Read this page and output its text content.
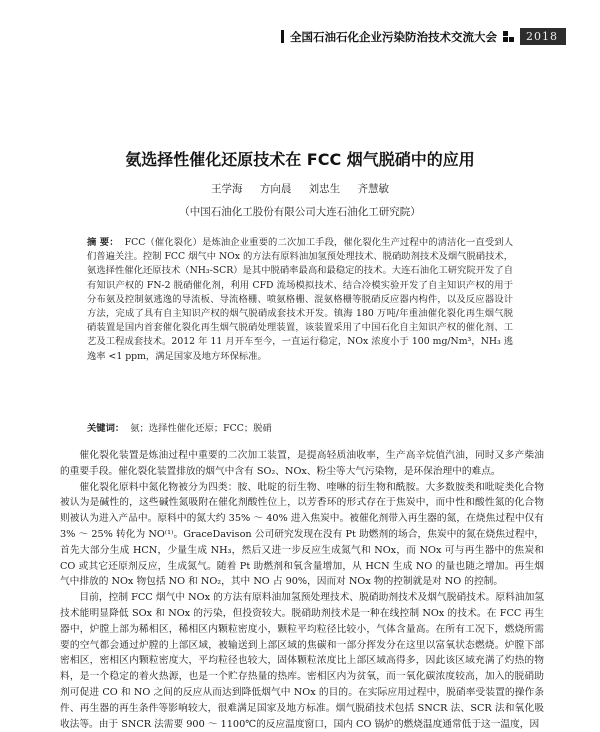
全国石油石化企业污染防治技术交流大会	2018
氨选择性催化还原技术在 FCC 烟气脱硝中的应用
王学海 方向晨 刘忠生 齐慧敏
（中国石油化工股份有限公司大连石油化工研究院）
摘 要： FCC（催化裂化）是炼油企业重要的二次加工手段，催化裂化生产过程中的清洁化一直受到人们普遍关注。控制 FCC 烟气中 NOx 的方法有原料油加氢预处理技术、脱硝助剂技术及烟气脱硝技术，氨选择性催化还原技术（NH₃-SCR）是其中脱硝率最高和最稳定的技术。大连石油化工研究院开发了自有知识产权的 FN-2 脱硝催化剂，利用 CFD 流场模拟技术、结合冷模实验开发了自主知识产权的用于分布氨及控制氨逃逸的导流板、导流格栅、喷氨格栅、混氨格栅等脱硝反应器内构件，以及反应器设计方法，完成了具有自主知识产权的烟气脱硝成套技术开发。镇海 180 万吨/年重油催化裂化再生烟气脱硝装置是国内首套催化裂化再生烟气脱硝处理装置，该装置采用了中国石化自主知识产权的催化剂、工艺及工程成套技术。2012 年 11 月开车至今，一直运行稳定，NOx 浓度小于 100 mg/Nm³，NH₃ 逃逸率 <1 ppm，满足国家及地方环保标准。
关键词： 氨；选择性催化还原；FCC；脱硝

催化裂化装置是炼油过程中重要的二次加工装置，是提高轻质油收率，生产高辛烷值汽油，同时又多产柴油的重要手段。催化裂化装置排放的烟气中含有 SO₂、NOx、粉尘等大气污染物，是环保治理中的难点。

催化裂化原料中氮化物被分为四类：胺、吡啶的衍生物、喹啉的衍生物和酰胺。大多数胺类和吡啶类化合物被认为是碱性的，这些碱性氮吸附在催化剂酸性位上，以芳香环的形式存在于焦炭中，而中性和酸性氮的化合物则被认为进入产品中。原料中的氮大约 35% ～ 40% 进入焦炭中。被催化剂带入再生器的氮，在烧焦过程中仅有 3% ～ 25% 转化为 NO⁽¹⁾。GraceDavison 公司研究发现在没有 Pt 助燃剂的场合，焦炭中的氮在烧焦过程中，首先大部分生成 HCN，少量生成 NH₃，然后又进一步反应生成氮气和 NOx，而 NOx 可与再生器中的焦炭和 CO 或其它还原剂反应，生成氮气。随着 Pt 助燃剂和氧含量增加，从 HCN 生成 NO 的量也随之增加。再生烟气中排放的 NOx 物包括 NO 和 NO₂，其中 NO 占 90%，因而对 NOx 物的控制就是对 NO 的控制。

目前，控制 FCC 烟气中 NOx 的方法有原料油加氢预处理技术、脱硝助剂技术及烟气脱硝技术。原料油加氢技术能明显降低 SOx 和 NOx 的污染，但投资较大。脱硝助剂技术是一种在线控制 NOx 的技术。在 FCC 再生器中，炉膛上部为稀相区，稀相区内颗粒密度小，颗粒平均粒径比较小，气体含量高。在所有工况下，燃烧所需要的空气都会通过炉膛的上部区域，被输送到上部区域的焦碳和一部分挥发分在这里以富氧状态燃烧。炉膛下部密相区，密相区内颗粒密度大，平均粒径也较大，固体颗粒浓度比上部区域高得多，因此该区域充满了灼热的物料，是一个稳定的着火热源，也是一个贮存热量的热库。密相区内为贫氧，而一氧化碳浓度较高，加入的脱硝助剂可促进 CO 和 NO 之间的反应从而达到降低烟气中 NOx 的目的。在实际应用过程中，脱硝率受装置的操作条件、再生器的再生条件等影响较大，很难满足国家及地方标准。烟气脱硝技术包括 SNCR 法、SCR 法和氧化吸收法等。由于 SNCR 法需要 900 ～ 1100℃的反应温度窗口，国内 CO 锅炉的燃烧温度通常低于这一温度，因
